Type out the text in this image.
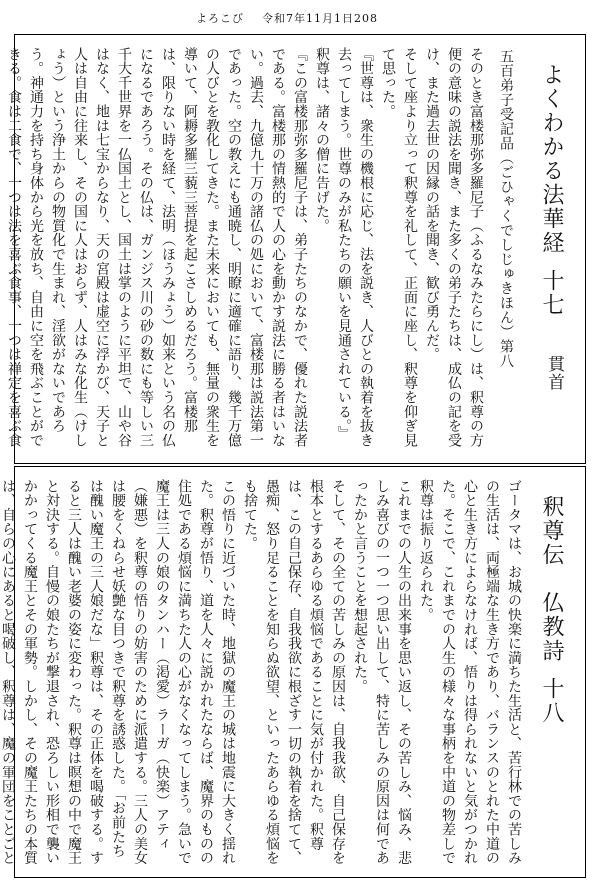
よろこび 令和7年11月1日208
よくわかる法華経十七
貫首
五百弟子受記品（ごひゃくでしじゅきほん）第八

そのとき富楼那弥多羅尼子（ふるなみたらにし）は、釈尊の方便の意味の説法を聞き、また多くの弟子たちは、成仏の記を受け、また過去世の因縁の話を聞き、歓び勇んだ。
そして座より立って釈尊を礼して、正面に座し、釈尊を仰ぎ見て思った。
『世尊は、衆生の機根に応じ、法を説き、人びとの執着を抜き去ってしまう。世尊のみが私たちの願いを見通されている。』
釈尊は、諸々の僧に告げた。
『この富楼那弥多羅尼子は、弟子たちのなかで、優れた説法者である。富楼那の情熱的で人の心を動かす説法に勝る者はいない。過去、九億九十万の諸仏の処において、富楼那は説法第一であった。空の教えにも通暁し、明瞭に適確に語り、幾千万億の人びとを教化してきた。また未来においても、無量の衆生を導いて、阿耨多羅三藐三菩提を起こさしめるだろう。富楼那は、限りない時を経て、法明（ほうみょう）如来という名の仏になるであろう。その仏は、ガンジス川の砂の数にも等しい三千大千世界を一仏国土とし、国土は掌のように平坦で、山や谷はなく、地は七宝からなり、天の宮殿は虚空に浮かび、天子と人は自由に往来し、その国に人はおらず、人はみな化生（けしょう）という浄土からの物質化で生まれ、淫欲がないであろう。神通力を持ち身体から光を放ち、自由に空を飛ぶことができる。食は二食で、一つは法を喜ぶ食事、一つは禅定を喜ぶ食

釈尊伝　仏教詩十八

ゴータマは、お城の快楽に満ちた生活と、苦行林での苦しみの生活は、両極端な生き方であり、バランスのとれた中道の心と生き方によらなければ、悟りは得られないと気がつかれた。そこで、これまでの人生の様々な事柄を中道の物差しで釈尊は振り返られた。
これまでの人生の出来事を思い返し、その苦しみ、悩み、悲しみ喜びの一つ一つ思い出して、特に苦しみの原因は何であったかと言うことを想起された。
そして、その全ての苦しみの原因は、自我我欲、自己保存を根本とするあらゆる煩悩であることに気が付かれた。釈尊は、この自己保存、自我我欲に根ざす一切の執着を捨てて、愚痴、怒り足ることを知らぬ欲望、といったあらゆる煩悩をも捨てた。
この悟りに近づいた時、地獄の魔王の城は地震に大きく揺れた。釈尊が悟り、道を人々に説かれたならば、魔界のものの住処である煩悩に満ちた人の心がなくなってしまう。急いで魔王は三人の娘のタンハー（渇愛）ラーガ（快楽）アティ（嫌悪）を釈尊の悟りの妨害のために派遣する。三人の美女は腰をくねらせ妖艶な目つきで釈尊を誘惑した。「お前たちは醜い魔王の三人娘だな」釈尊は、その正体を喝破する。すると三人は醜い老婆の姿に変わった。釈尊は瞑想の中で魔王と対決する。自慢の娘たちが撃退され、恐ろしい形相で襲いかかってくる魔王とその軍勢。しかし、その魔王たちの本質は、自らの心にあると喝破し、釈尊は、魔の軍団をことごと
